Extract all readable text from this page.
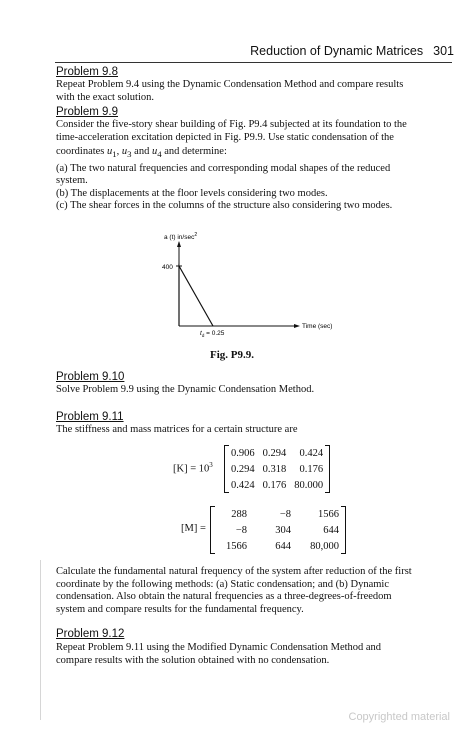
Reduction of Dynamic Matrices 301
Problem 9.8
Repeat Problem 9.4 using the Dynamic Condensation Method and compare results
with the exact solution.
Problem 9.9
Consider the five-story shear building of Fig. P9.4 subjected at its foundation to the
time-acceleration excitation depicted in Fig. P9.9. Use static condensation of the
coordinates $u_1$, $u_3$ and $u_4$ and determine:
(a) The two natural frequencies and corresponding modal shapes of the reduced
system.
(b) The displacements at the floor levels considering two modes.
(c) The shear forces in the columns of the structure also considering two modes.
a (t) $in/\sec^2$
400
$t_d = 0.25$
Time (sec)
Fig. P9.9.
Problem 9.10
Solve Problem 9.9 using the Dynamic Condensation Method.
Problem 9.11
The stiffness and mass matrices for a certain structure are
$[K] = 10^3$
0.906	0.294	0.424
0.294	0.318	0.176
0.424	0.176	80.000
[M] =
288	−8	1566
−8	304	644
1566	644	80,000
Calculate the fundamental natural frequency of the system after reduction of the first
coordinate by the following methods: (a) Static condensation; and (b) Dynamic
condensation. Also obtain the natural frequencies as a three-degrees-of-freedom
system and compare results for the fundamental frequency.
Problem 9.12
Repeat Problem 9.11 using the Modified Dynamic Condensation Method and
compare results with the solution obtained with no condensation.
Copyrighted material
